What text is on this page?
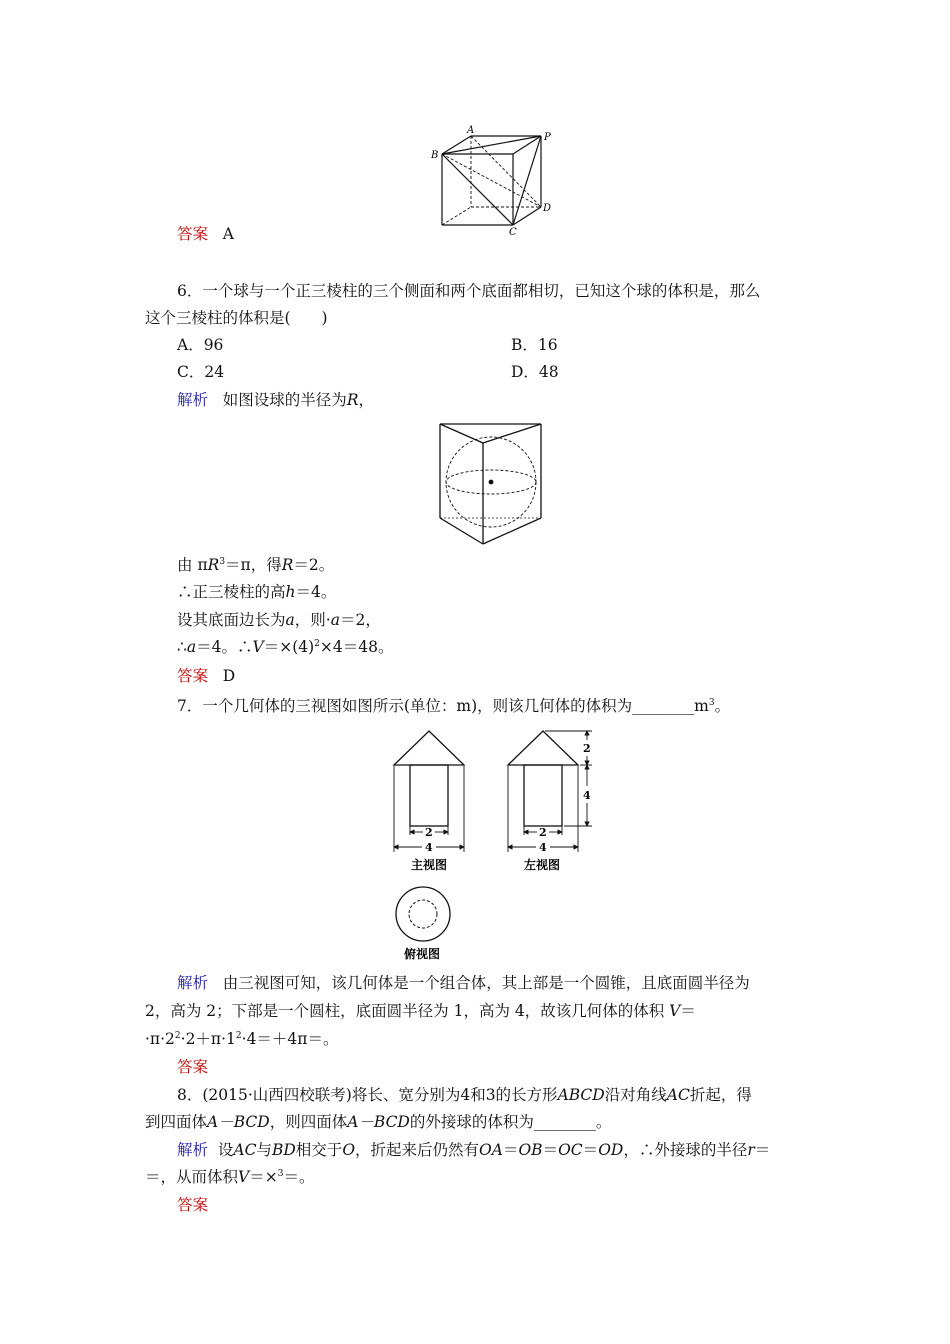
A
P
B
D
C
答案 A
6．一个球与一个正三棱柱的三个侧面和两个底面都相切，已知这个球的体积是，那么
这个三棱柱的体积是(　　)
A．96	B．16
C．24	D．48
解析 如图设球的半径为R，
由 $\pi R^3=\pi$，得R＝2。
∴正三棱柱的高h＝4。
设其底面边长为a，则·a＝2，
∴a＝4。$\therefore V=\times(4)^2\times 4=48$。
答案 D
7．一个几何体的三视图如图所示(单位：m)，则该几何体的体积为$\_\_\_\_\_\_\_\_m^3$。
2
4
主视图
2
4
2
4
左视图
俯视图
解析 由三视图可知，该几何体是一个组合体，其上部是一个圆锥，且底面圆半径为
2，高为 2；下部是一个圆柱，底面圆半径为 1，高为 4，故该几何体的体积 V＝
$\cdot\pi\cdot 2^2\cdot 2+\pi\cdot 1^2\cdot 4=+4\pi=$。
答案
8．(2015·山西四校联考)将长、宽分别为4和3的长方形ABCD沿对角线AC折起，得
到四面体A－BCD，则四面体A－BCD的外接球的体积为________。
解析 设AC与BD相交于O，折起来后仍然有OA＝OB＝OC＝OD，∴外接球的半径r＝
＝，从而体积V＝×$^3$＝。
答案
